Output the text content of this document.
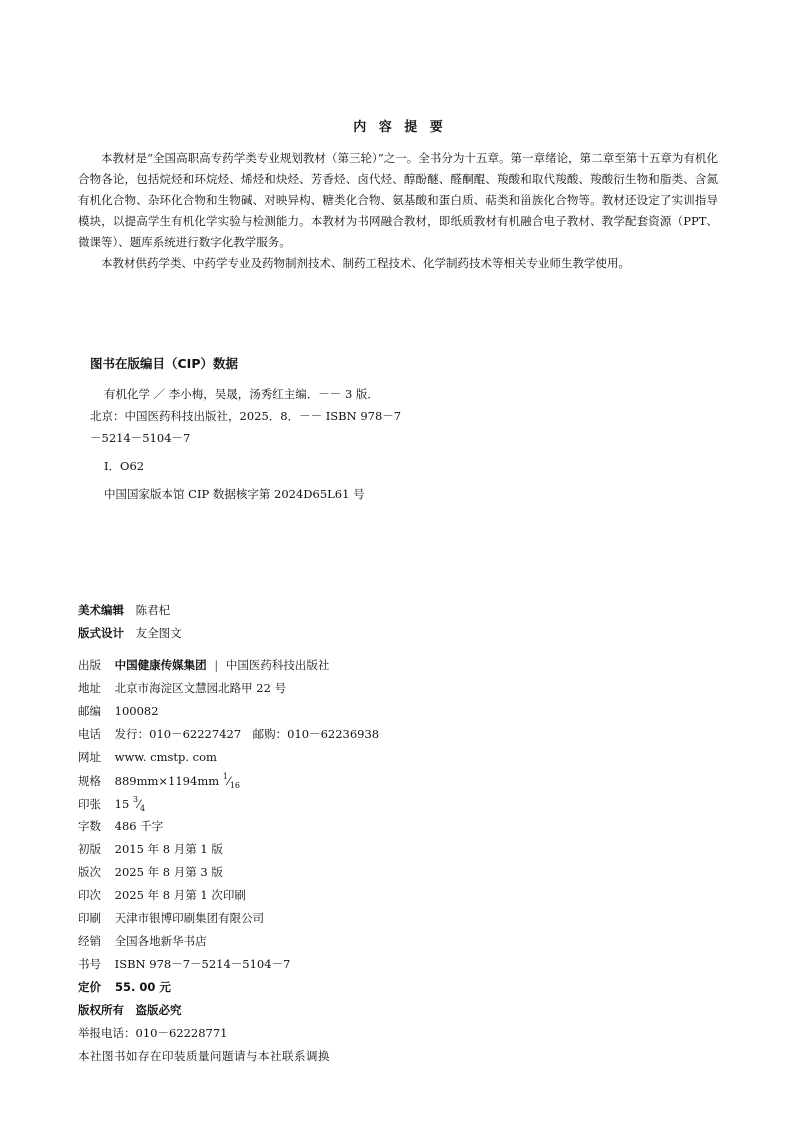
内 容 提 要

本教材是“全国高职高专药学类专业规划教材（第三轮）”之一。全书分为十五章。第一章绪论，第二章至第十五章为有机化合物各论，包括烷烃和环烷烃、烯烃和炔烃、芳香烃、卤代烃、醇酚醚、醛酮醌、羧酸和取代羧酸、羧酸衍生物和脂类、含氮有机化合物、杂环化合物和生物碱、对映异构、糖类化合物、氨基酸和蛋白质、萜类和甾族化合物等。教材还设定了实训指导模块，以提高学生有机化学实验与检测能力。本教材为书网融合教材，即纸质教材有机融合电子教材、教学配套资源（PPT、微课等）、题库系统进行数字化教学服务。

本教材供药学类、中药学专业及药物制剂技术、制药工程技术、化学制药技术等相关专业师生教学使用。

图书在版编目（CIP）数据
有机化学 ／ 李小梅，吴晟，汤秀红主编．－－ 3 版．
北京：中国医药科技出版社，2025．8．－－ ISBN 978－7
－5214－5104－7
Ⅰ．O62
中国国家版本馆 CIP 数据核字第 2024D65L61 号
美术编辑 陈君杞
版式设计 友全图文
出版 中国健康传媒集团 | 中国医药科技出版社
地址 北京市海淀区文慧园北路甲 22 号
邮编 100082
电话 发行：010－62227427　邮购：010－62236938
网址 www. cmstp. com
规格 889mm×1194mm $^1⁄_{16}$
印张 15 $^3⁄_4$
字数 486 千字
初版 2015 年 8 月第 1 版
版次 2025 年 8 月第 3 版
印次 2025 年 8 月第 1 次印刷
印刷 天津市银博印刷集团有限公司
经销 全国各地新华书店
书号 ISBN 978－7－5214－5104－7
定价 55. 00 元
版权所有　盗版必究
举报电话：010－62228771
本社图书如存在印装质量问题请与本社联系调换
